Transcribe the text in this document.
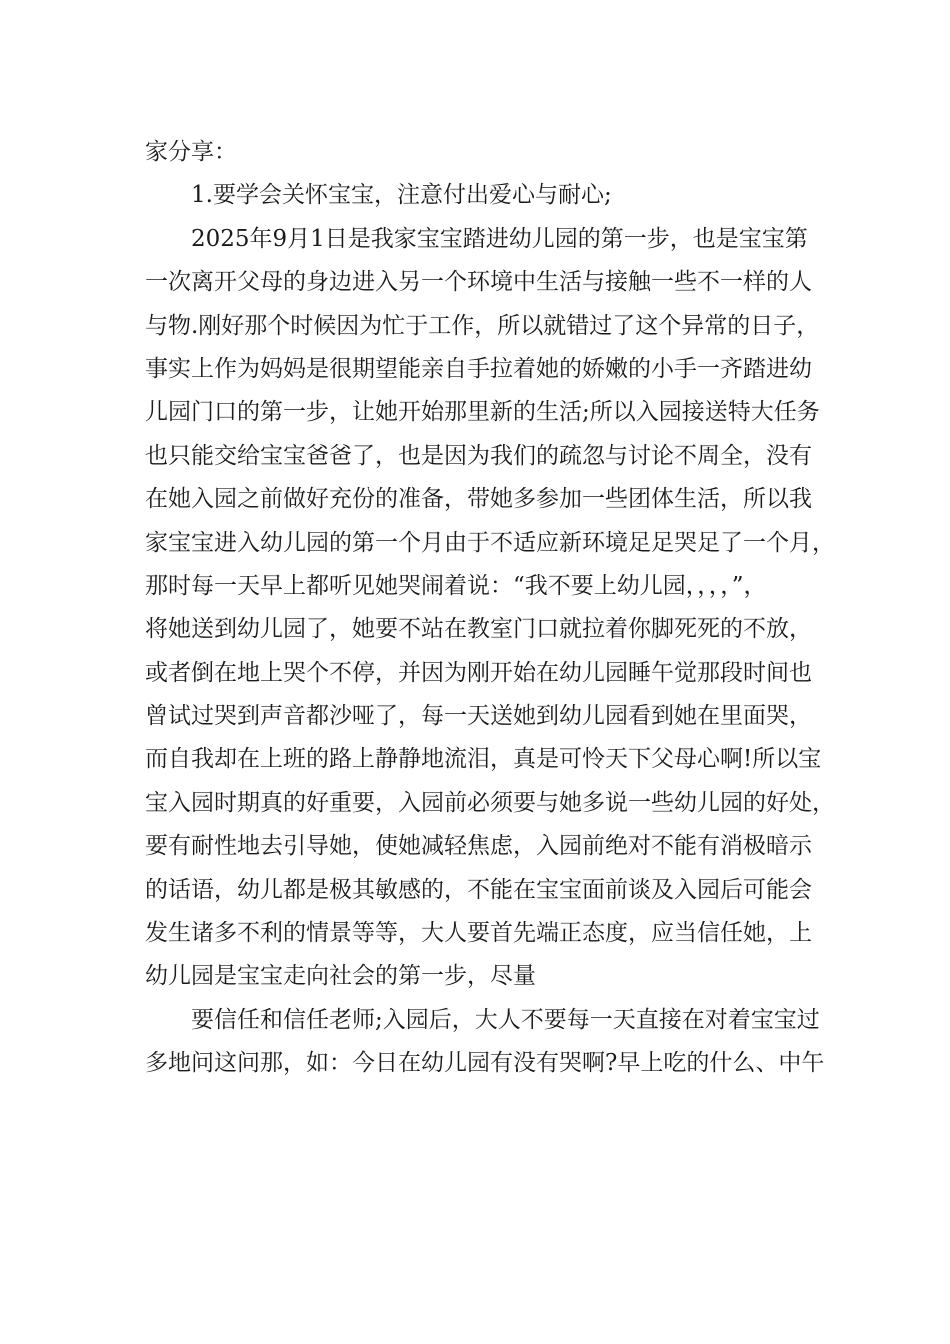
家分享：
1.要学会关怀宝宝，注意付出爱心与耐心;
2025年9月1日是我家宝宝踏进幼儿园的第一步，也是宝宝第
一次离开父母的身边进入另一个环境中生活与接触一些不一样的人
与物.刚好那个时候因为忙于工作，所以就错过了这个异常的日子，
事实上作为妈妈是很期望能亲自手拉着她的娇嫩的小手一齐踏进幼
儿园门口的第一步，让她开始那里新的生活;所以入园接送特大任务
也只能交给宝宝爸爸了，也是因为我们的疏忽与讨论不周全，没有
在她入园之前做好充份的准备，带她多参加一些团体生活，所以我
家宝宝进入幼儿园的第一个月由于不适应新环境足足哭足了一个月，
那时每一天早上都听见她哭闹着说：“我不要上幼儿园，，，，”，
将她送到幼儿园了，她要不站在教室门口就拉着你脚死死的不放，
或者倒在地上哭个不停，并因为刚开始在幼儿园睡午觉那段时间也
曾试过哭到声音都沙哑了，每一天送她到幼儿园看到她在里面哭，
而自我却在上班的路上静静地流泪，真是可怜天下父母心啊!所以宝
宝入园时期真的好重要，入园前必须要与她多说一些幼儿园的好处，
要有耐性地去引导她，使她减轻焦虑，入园前绝对不能有消极暗示
的话语，幼儿都是极其敏感的，不能在宝宝面前谈及入园后可能会
发生诸多不利的情景等等，大人要首先端正态度，应当信任她，上
幼儿园是宝宝走向社会的第一步，尽量
要信任和信任老师;入园后，大人不要每一天直接在对着宝宝过
多地问这问那，如：今日在幼儿园有没有哭啊?早上吃的什么、中午
